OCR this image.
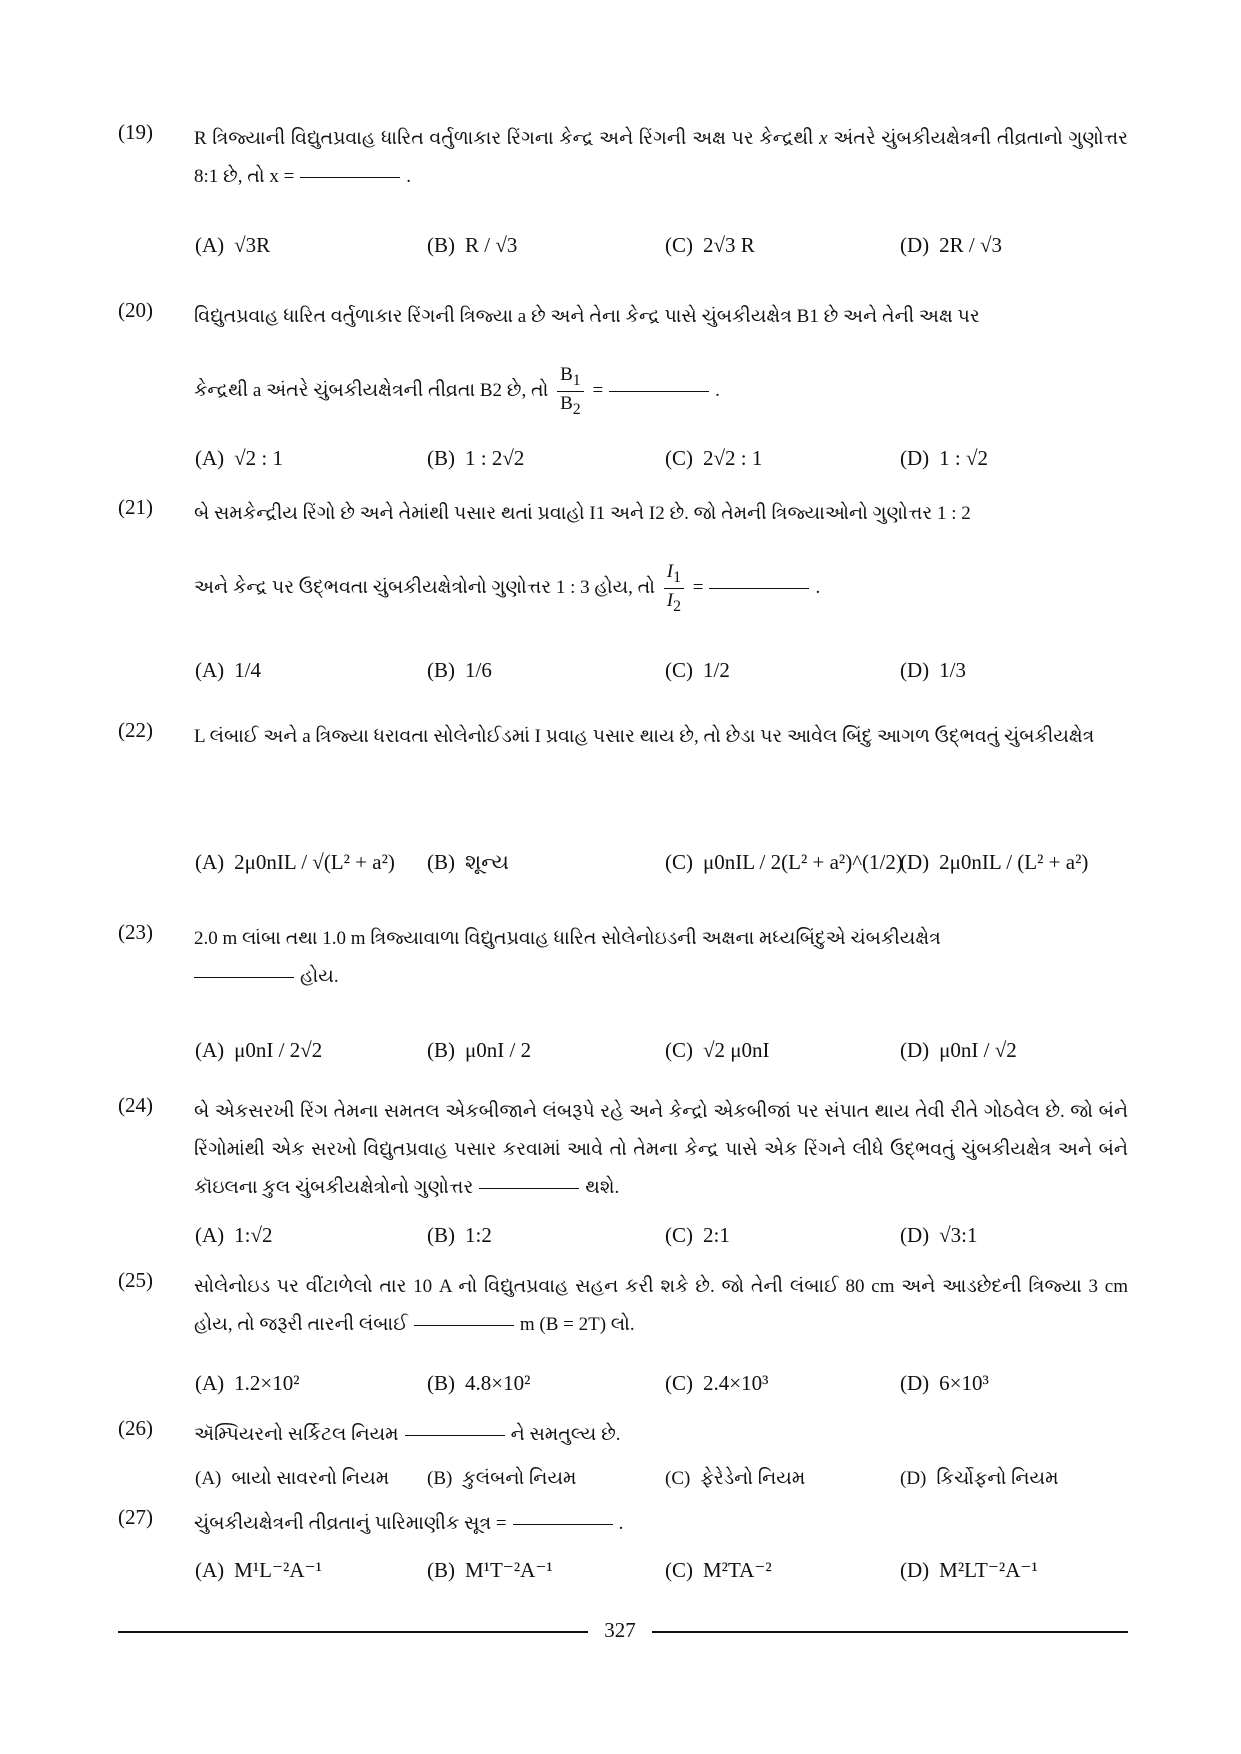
(19) R ત્રિજ્યાની વિદ્યુતપ્રવાહ ધારિત વર્તુળાકાર રિંગના કેન્દ્ર અને રિંગની અક્ષ પર કેન્દ્રથી x અંતરે ચુંબકીયક્ષેત્રની તીવ્રતાનો ગુણોત્તર 8:1 છે, તો x =	.
(A) √3R	(B) R / √3	(C) 2√3 R	(D) 2R / √3
(20) વિદ્યુતપ્રવાહ ધારિત વર્તુળાકાર રિંગની ત્રિજ્યા a છે અને તેના કેન્દ્ર પાસે ચુંબકીયક્ષેત્ર B1 છે અને તેની અક્ષ પર
કેન્દ્રથી a અંતરે ચુંબકીયક્ષેત્રની તીવ્રતા B2 છે, તો $\frac{B_1}{B_2}$ =	.
(A) √2 : 1	(B) 1 : 2√2	(C) 2√2 : 1	(D) 1 : √2
(21) બે સમકેન્દ્રીય રિંગો છે અને તેમાંથી પસાર થતાં પ્રવાહો I1 અને I2 છે. જો તેમની ત્રિજ્યાઓનો ગુણોત્તર 1 : 2
અને કેન્દ્ર પર ઉદ્ભવતા ચુંબકીયક્ષેત્રોનો ગુણોત્તર 1 : 3 હોય, તો $\frac{I_1}{I_2}$ =	.
(A) 1/4	(B) 1/6	(C) 1/2	(D) 1/3
(22) L લંબાઈ અને a ત્રિજ્યા ધરાવતા સોલેનોઈડમાં I પ્રવાહ પસાર થાય છે, તો છેડા પર આવેલ બિંદુ આગળ ઉદ્ભવતું ચુંબકીયક્ષેત્ર
(A) 2μ0nIL / √(L² + a²) (B) શૂન્ય	(C) μ0nIL / 2(L² + a²)^(1/2)
(D) 2μ0nIL / (L² + a²)
(23) 2.0 m લાંબા તથા 1.0 m ત્રિજ્યાવાળા વિદ્યુતપ્રવાહ ધારિત સોલેનોઇડની અક્ષના મધ્યબિંદુએ ચંબકીયક્ષેત્ર
હોય.
(A) μ0nI / 2√2	(B) μ0nI / 2	(C) √2 μ0nI	(D) μ0nI / √2
(24) બે એકસરખી રિંગ તેમના સમતલ એકબીજાને લંબરૂપે રહે અને કેન્દ્રો એકબીજાં પર સંપાત થાય તેવી રીતે ગોઠવેલ છે. જો બંને રિંગોમાંથી એક સરખો વિદ્યુતપ્રવાહ પસાર કરવામાં આવે તો તેમના કેન્દ્ર પાસે એક રિંગને લીધે ઉદ્ભવતું ચુંબકીયક્ષેત્ર અને બંને કૉઇલના કુલ ચુંબકીયક્ષેત્રોનો ગુણોત્તર	થશે.
(A) 1:√2	(B) 1:2	(C) 2:1	(D) √3:1
(25) સોલેનોઇડ પર વીંટાળેલો તાર 10 A નો વિદ્યુતપ્રવાહ સહન કરી શકે છે. જો તેની લંબાઈ 80 cm અને આડછેદની ત્રિજ્યા 3 cm હોય, તો જરૂરી તારની લંબાઈ	m (B = 2T) લો.
(A) 1.2×10²	(B) 4.8×10²	(C) 2.4×10³	(D) 6×10³
(26) ઍમ્પિયરનો સર્કિટલ નિયમ	ને સમતુલ્ય છે.
(A) બાયો સાવરનો નિયમ (B) કુલંબનો નિયમ	(C) ફેરેડેનો નિયમ	(D) કિર્ચોફનો નિયમ
(27) ચુંબકીયક્ષેત્રની તીવ્રતાનું પારિમાણીક સૂત્ર =	.
(A) M¹L⁻²A⁻¹	(B) M¹T⁻²A⁻¹	(C) M²TA⁻²	(D) M²LT⁻²A⁻¹
327
